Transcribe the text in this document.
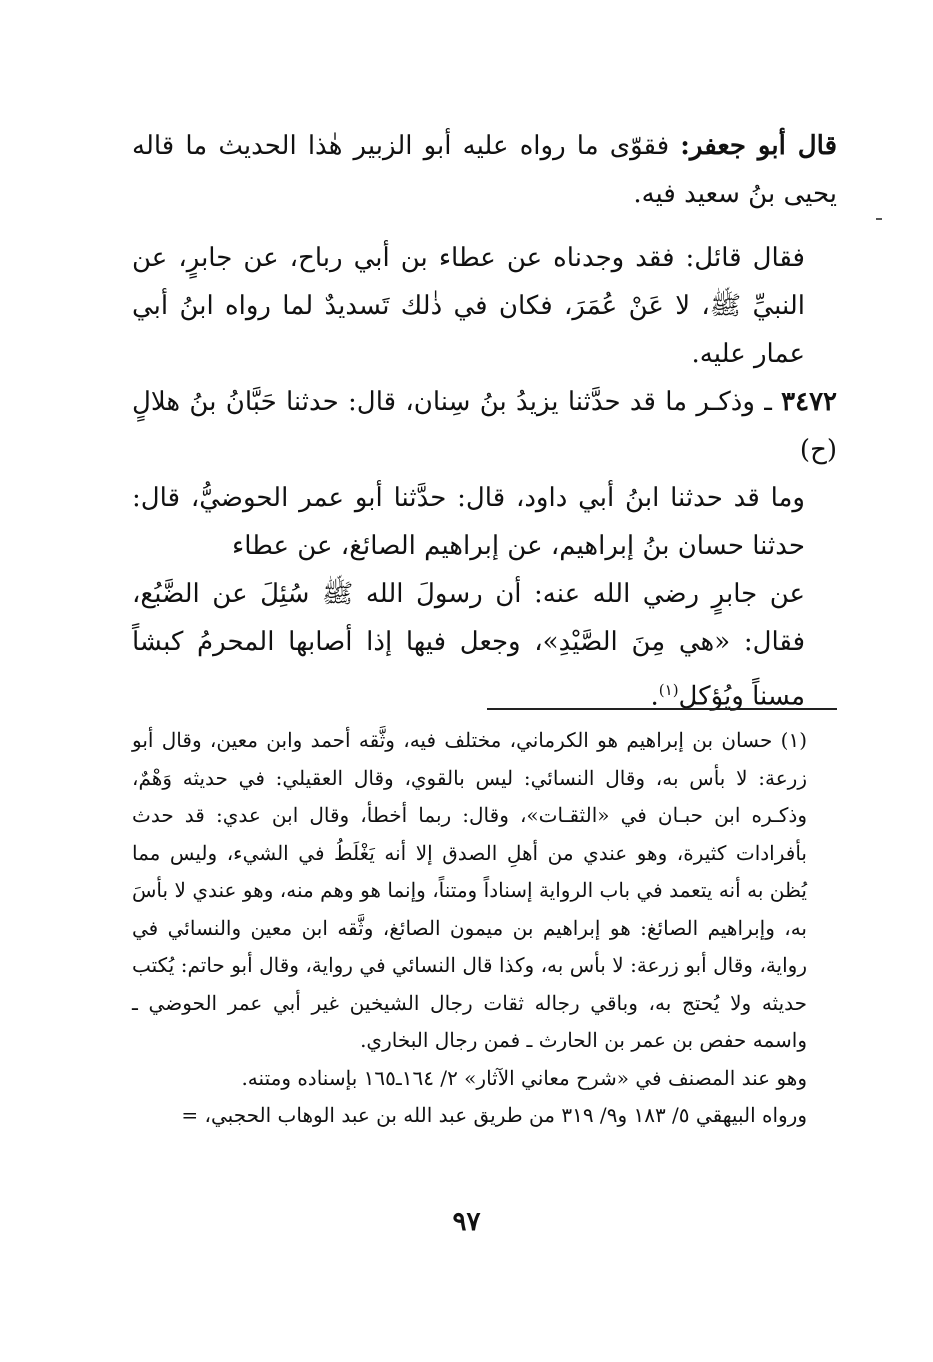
قال أبو جعفر: فقوّى ما رواه عليه أبو الزبير هٰذا الحديث ما قاله يحيى بنُ سعيد فيه.

فقال قائل: فقد وجدناه عن عطاء بن أبي رباح، عن جابرٍ، عن النبيِّ ﷺ، لا عَنْ عُمَرَ، فكان في ذٰلك تَسديدٌ لما رواه ابنُ أبي عمار عليه.

٣٤٧٢ ـ وذكـر ما قد حدَّثنا يزيدُ بنُ سِنان، قال: حدثنا حَبَّانُ بنُ هلالٍ (ح)

وما قد حدثنا ابنُ أبي داود، قال: حدَّثنا أبو عمر الحوضيُّ، قال: حدثنا حسان بنُ إبراهيم، عن إبراهيم الصائغ، عن عطاء

عن جابرٍ رضي الله عنه: أن رسولَ الله ﷺ سُئِلَ عن الضَّبُع، فقال: «هي مِنَ الصَّيْدِ»، وجعل فيها إذا أصابها المحرمُ كبشاً مسناً ويُؤكل$^{(١)}$.

(١) حسان بن إبراهيم هو الكرماني، مختلف فيه، وثَّقه أحمد وابن معين، وقال أبو زرعة: لا بأس به، وقال النسائي: ليس بالقوي، وقال العقيلي: في حديثه وَهْمٌ، وذكـره ابن حبـان في «الثقـات»، وقال: ربما أخطأ، وقال ابن عدي: قد حدث بأفرادات كثيرة، وهو عندي من أهلِ الصدق إلا أنه يَغْلَطُ في الشيء، وليس مما يُظن به أنه يتعمد في باب الرواية إسناداً ومتناً، وإنما هو وهم منه، وهو عندي لا بأسَ به، وإبراهيم الصائغ: هو إبراهيم بن ميمون الصائغ، وثَّقه ابن معين والنسائي في رواية، وقال أبو زرعة: لا بأس به، وكذا قال النسائي في رواية، وقال أبو حاتم: يُكتب حديثه ولا يُحتج به، وباقي رجاله ثقات رجال الشيخين غير أبي عمر الحوضي ـ واسمه حفص بن عمر بن الحارث ـ فمن رجال البخاري.

وهو عند المصنف في «شرح معاني الآثار» ٢/ ١٦٤ـ١٦٥ بإسناده ومتنه.

ورواه البيهقي ٥/ ١٨٣ و٩/ ٣١٩ من طريق عبد الله بن عبد الوهاب الحجبي، =

٩٧
